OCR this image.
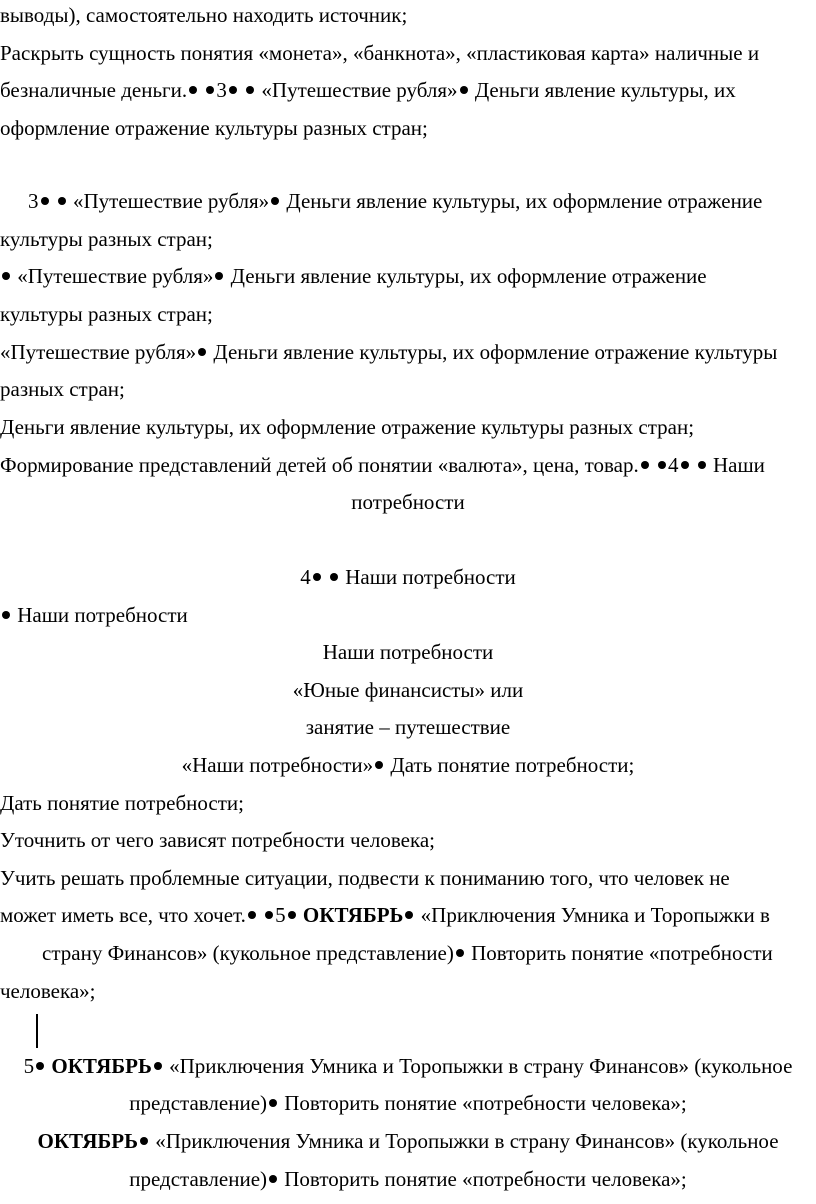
выводы), самостоятельно находить источник;
Раскрыть сущность понятия «монета», «банкнота», «пластиковая карта» наличные и
безналичные деньги. 3 «Путешествие рубля» Деньги явление культуры, их
оформление отражение культуры разных стран;
3 «Путешествие рубля» Деньги явление культуры, их оформление отражение
культуры разных стран;
«Путешествие рубля» Деньги явление культуры, их оформление отражение
культуры разных стран;
«Путешествие рубля» Деньги явление культуры, их оформление отражение культуры
разных стран;
Деньги явление культуры, их оформление отражение культуры разных стран;
Формирование представлений детей об понятии «валюта», цена, товар. 4 Наши
потребности
4 Наши потребности
Наши потребности
Наши потребности
«Юные финансисты» или
занятие – путешествие
«Наши потребности» Дать понятие потребности;
Дать понятие потребности;
Уточнить от чего зависят потребности человека;
Учить решать проблемные ситуации, подвести к пониманию того, что человек не
может иметь все, что хочет. 5 ОКТЯБРЬ «Приключения Умника и Торопыжки в
страну Финансов» (кукольное представление) Повторить понятие «потребности
человека»;
5 ОКТЯБРЬ «Приключения Умника и Торопыжки в страну Финансов» (кукольное
представление) Повторить понятие «потребности человека»;
ОКТЯБРЬ «Приключения Умника и Торопыжки в страну Финансов» (кукольное
представление) Повторить понятие «потребности человека»;
